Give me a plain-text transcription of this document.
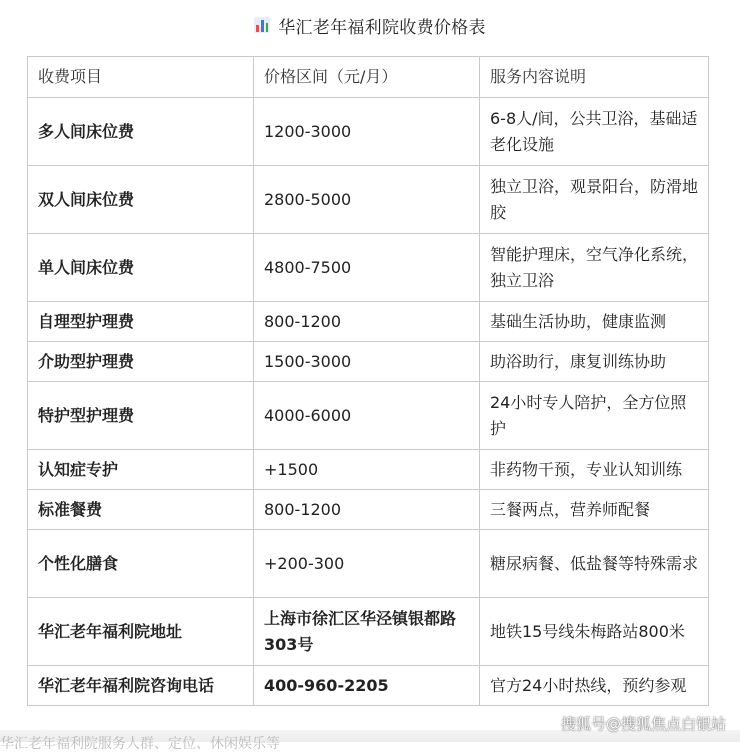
华汇老年福利院收费价格表
收费项目	价格区间（元/月）	服务内容说明
多人间床位费	1200-3000	6-8人/间，公共卫浴，基础适老化设施
双人间床位费	2800-5000	独立卫浴，观景阳台，防滑地胶
单人间床位费	4800-7500	智能护理床，空气净化系统，独立卫浴
自理型护理费	800-1200	基础生活协助，健康监测
介助型护理费	1500-3000	助浴助行，康复训练协助
特护型护理费	4000-6000	24小时专人陪护，全方位照护
认知症专护	+1500	非药物干预，专业认知训练
标准餐费	800-1200	三餐两点，营养师配餐
个性化膳食	+200-300	糖尿病餐、低盐餐等特殊需求
华汇老年福利院地址	上海市徐汇区华泾镇银都路303号	地铁15号线朱梅路站800米
华汇老年福利院咨询电话	400-960-2205	官方24小时热线，预约参观
华汇老年福利院服务人群、定位、休闲娱乐等
搜狐号@搜狐焦点白银站
